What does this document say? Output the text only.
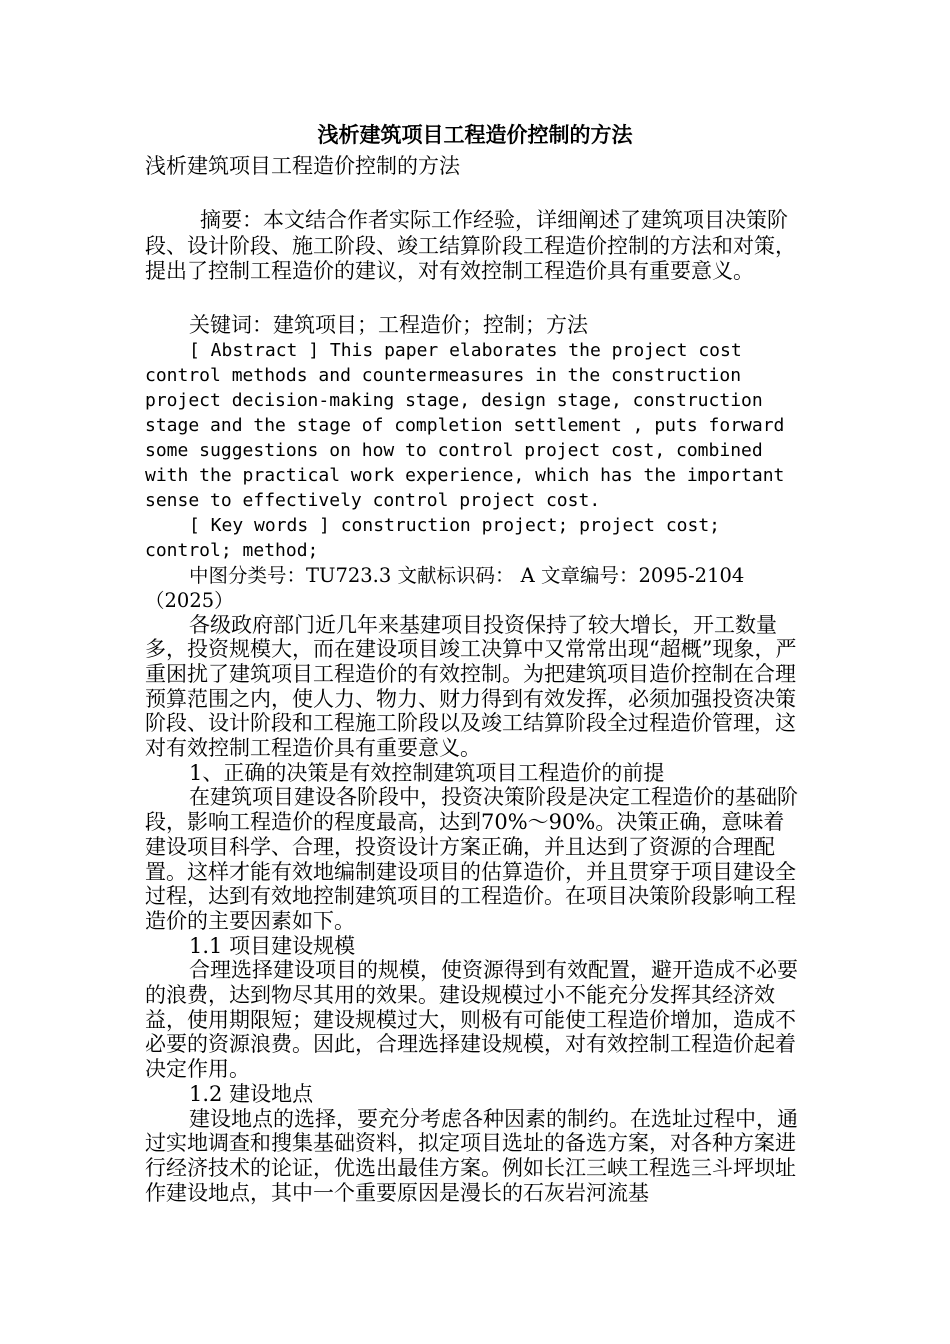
浅析建筑项目工程造价控制的方法

浅析建筑项目工程造价控制的方法

摘要：本文结合作者实际工作经验，详细阐述了建筑项目决策阶段、设计阶段、施工阶段、竣工结算阶段工程造价控制的方法和对策，提出了控制工程造价的建议，对有效控制工程造价具有重要意义。

关键词：建筑项目；工程造价；控制；方法

[ Abstract ] This paper elaborates the project cost control methods and countermeasures in the construction project decision-making stage, design stage, construction stage and the stage of completion settlement , puts forward some suggestions on how to control project cost, combined with the practical work experience, which has the important sense to effectively control project cost.

[ Key words ] construction project; project cost; control; method;

中图分类号：TU723.3 文献标识码： A 文章编号：2095-2104（2025）

各级政府部门近几年来基建项目投资保持了较大增长，开工数量多，投资规模大，而在建设项目竣工决算中又常常出现“超概”现象，严重困扰了建筑项目工程造价的有效控制。为把建筑项目造价控制在合理预算范围之内，使人力、物力、财力得到有效发挥，必须加强投资决策阶段、设计阶段和工程施工阶段以及竣工结算阶段全过程造价管理，这对有效控制工程造价具有重要意义。

1、正确的决策是有效控制建筑项目工程造价的前提

在建筑项目建设各阶段中，投资决策阶段是决定工程造价的基础阶段，影响工程造价的程度最高，达到70%～90%。决策正确，意味着建设项目科学、合理，投资设计方案正确，并且达到了资源的合理配置。这样才能有效地编制建设项目的估算造价，并且贯穿于项目建设全过程，达到有效地控制建筑项目的工程造价。在项目决策阶段影响工程造价的主要因素如下。

1.1 项目建设规模

合理选择建设项目的规模，使资源得到有效配置，避开造成不必要的浪费，达到物尽其用的效果。建设规模过小不能充分发挥其经济效益，使用期限短；建设规模过大，则极有可能使工程造价增加，造成不必要的资源浪费。因此，合理选择建设规模，对有效控制工程造价起着决定作用。

1.2 建设地点

建设地点的选择，要充分考虑各种因素的制约。在选址过程中，通过实地调查和搜集基础资料，拟定项目选址的备选方案，对各种方案进行经济技术的论证，优选出最佳方案。例如长江三峡工程选三斗坪坝址作建设地点，其中一个重要原因是漫长的石灰岩河流基
